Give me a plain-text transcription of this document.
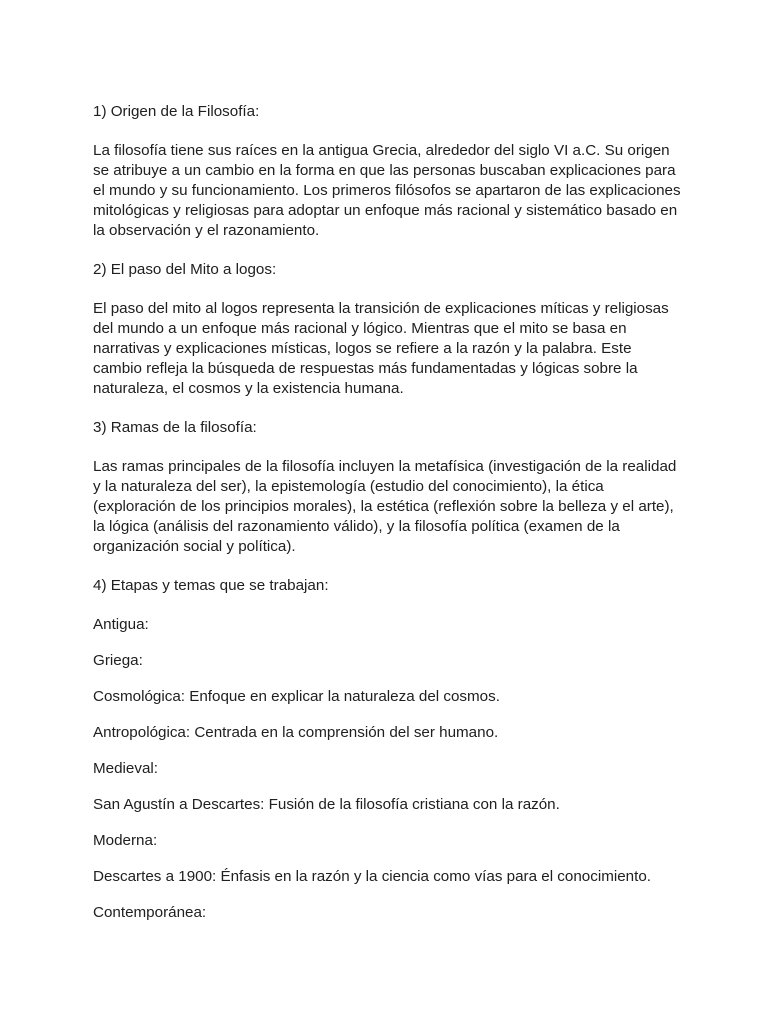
1) Origen de la Filosofía:
La filosofía tiene sus raíces en la antigua Grecia, alrededor del siglo VI a.C. Su origen se atribuye a un cambio en la forma en que las personas buscaban explicaciones para el mundo y su funcionamiento. Los primeros filósofos se apartaron de las explicaciones mitológicas y religiosas para adoptar un enfoque más racional y sistemático basado en la observación y el razonamiento.
2) El paso del Mito a logos:
El paso del mito al logos representa la transición de explicaciones míticas y religiosas del mundo a un enfoque más racional y lógico. Mientras que el mito se basa en narrativas y explicaciones místicas, logos se refiere a la razón y la palabra. Este cambio refleja la búsqueda de respuestas más fundamentadas y lógicas sobre la naturaleza, el cosmos y la existencia humana.
3) Ramas de la filosofía:
Las ramas principales de la filosofía incluyen la metafísica (investigación de la realidad y la naturaleza del ser), la epistemología (estudio del conocimiento), la ética (exploración de los principios morales), la estética (reflexión sobre la belleza y el arte), la lógica (análisis del razonamiento válido), y la filosofía política (examen de la organización social y política).
4) Etapas y temas que se trabajan:
Antigua:
Griega:
Cosmológica: Enfoque en explicar la naturaleza del cosmos.
Antropológica: Centrada en la comprensión del ser humano.
Medieval:
San Agustín a Descartes: Fusión de la filosofía cristiana con la razón.
Moderna:
Descartes a 1900: Énfasis en la razón y la ciencia como vías para el conocimiento.
Contemporánea:
